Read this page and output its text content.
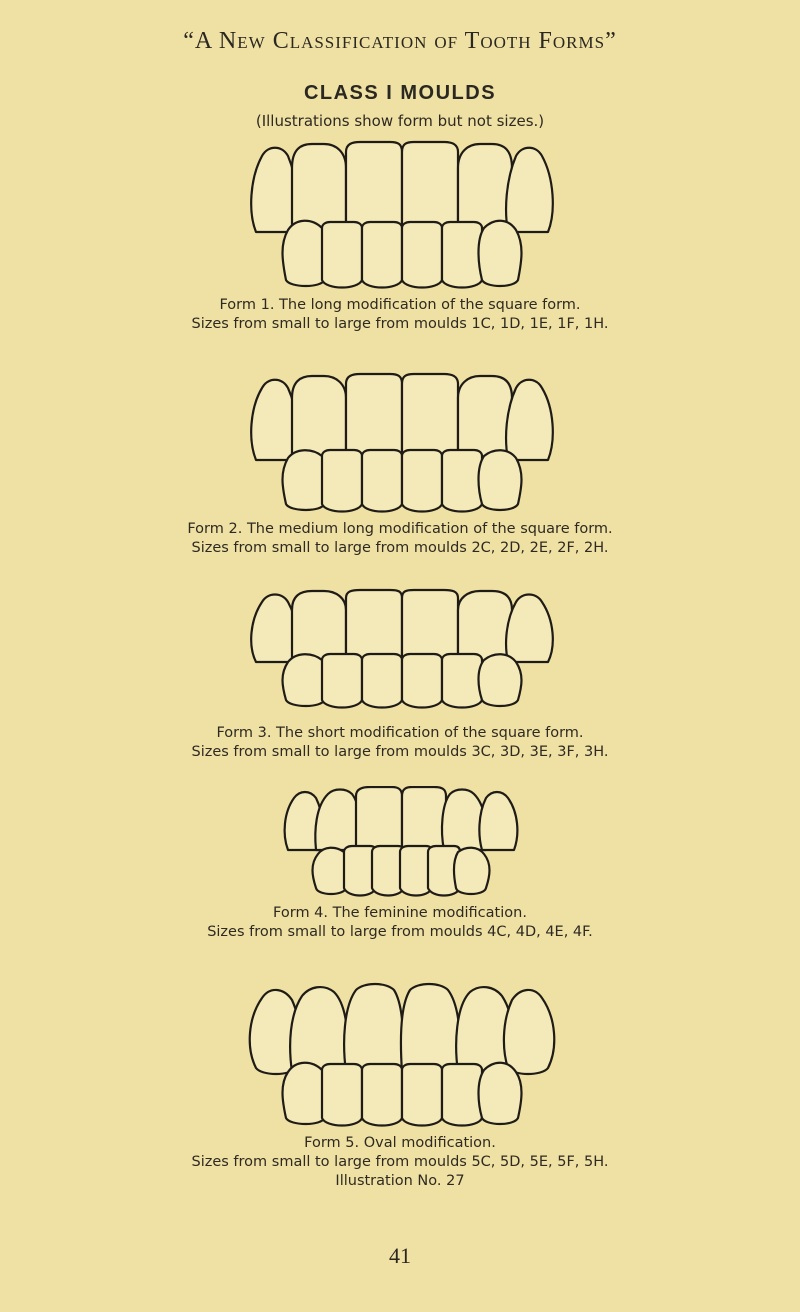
“A New Classification of Tooth Forms”
CLASS I MOULDS
(Illustrations show form but not sizes.)
Form 1. The long modification of the square form.
Sizes from small to large from moulds 1C, 1D, 1E, 1F, 1H.
Form 2. The medium long modification of the square form.
Sizes from small to large from moulds 2C, 2D, 2E, 2F, 2H.
Form 3. The short modification of the square form.
Sizes from small to large from moulds 3C, 3D, 3E, 3F, 3H.
Form 4. The feminine modification.
Sizes from small to large from moulds 4C, 4D, 4E, 4F.
Form 5. Oval modification.
Sizes from small to large from moulds 5C, 5D, 5E, 5F, 5H.
Illustration No. 27
41
